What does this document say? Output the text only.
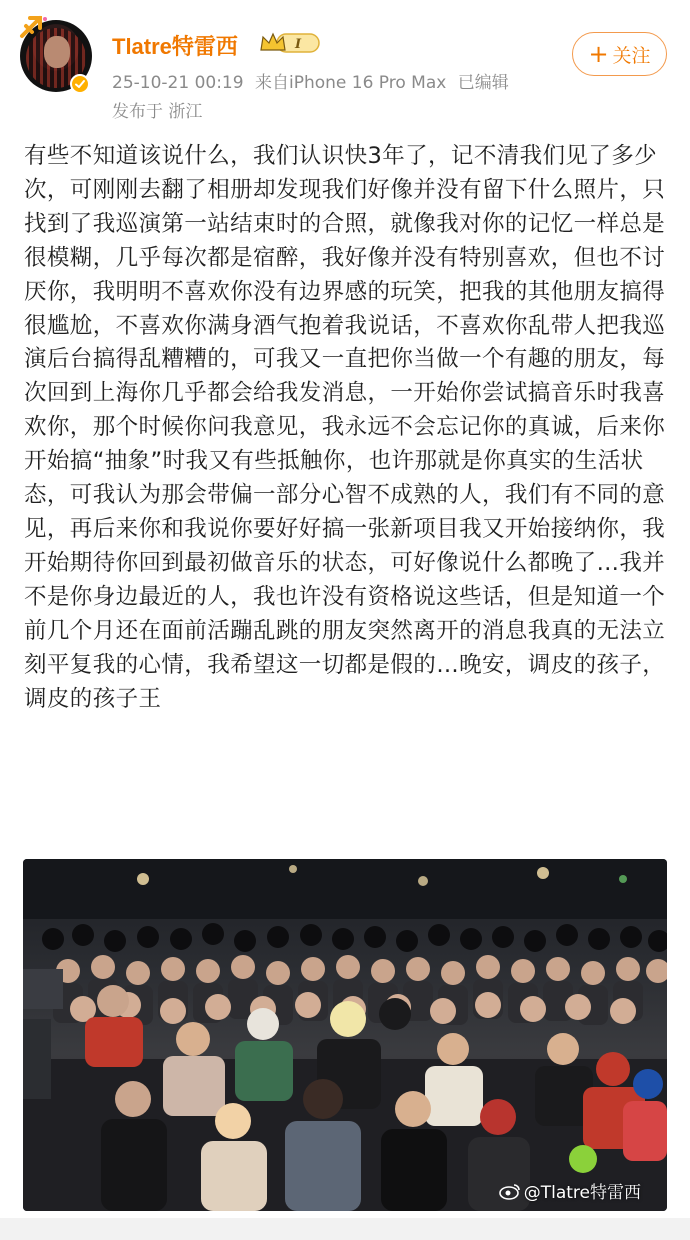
Tlatre特雷西	I
25-10-21 00:19 来自iPhone 16 Pro Max 已编辑
发布于 浙江
+ 关注
有些不知道该说什么，我们认识快3年了，记不清我们见了多少次，可刚刚去翻了相册却发现我们好像并没有留下什么照片，只找到了我巡演第一站结束时的合照，就像我对你的记忆一样总是很模糊，几乎每次都是宿醉，我好像并没有特别喜欢，但也不讨厌你，我明明不喜欢你没有边界感的玩笑，把我的其他朋友搞得很尴尬，不喜欢你满身酒气抱着我说话，不喜欢你乱带人把我巡演后台搞得乱糟糟的，可我又一直把你当做一个有趣的朋友，每次回到上海你几乎都会给我发消息，一开始你尝试搞音乐时我喜欢你，那个时候你问我意见，我永远不会忘记你的真诚，后来你开始搞“抽象”时我又有些抵触你，也许那就是你真实的生活状态，可我认为那会带偏一部分心智不成熟的人，我们有不同的意见，再后来你和我说你要好好搞一张新项目我又开始接纳你，我开始期待你回到最初做音乐的状态，可好像说什么都晚了…我并不是你身边最近的人，我也许没有资格说这些话，但是知道一个前几个月还在面前活蹦乱跳的朋友突然离开的消息我真的无法立刻平复我的心情，我希望这一切都是假的…晚安，调皮的孩子，调皮的孩子王
@Tlatre特雷西
